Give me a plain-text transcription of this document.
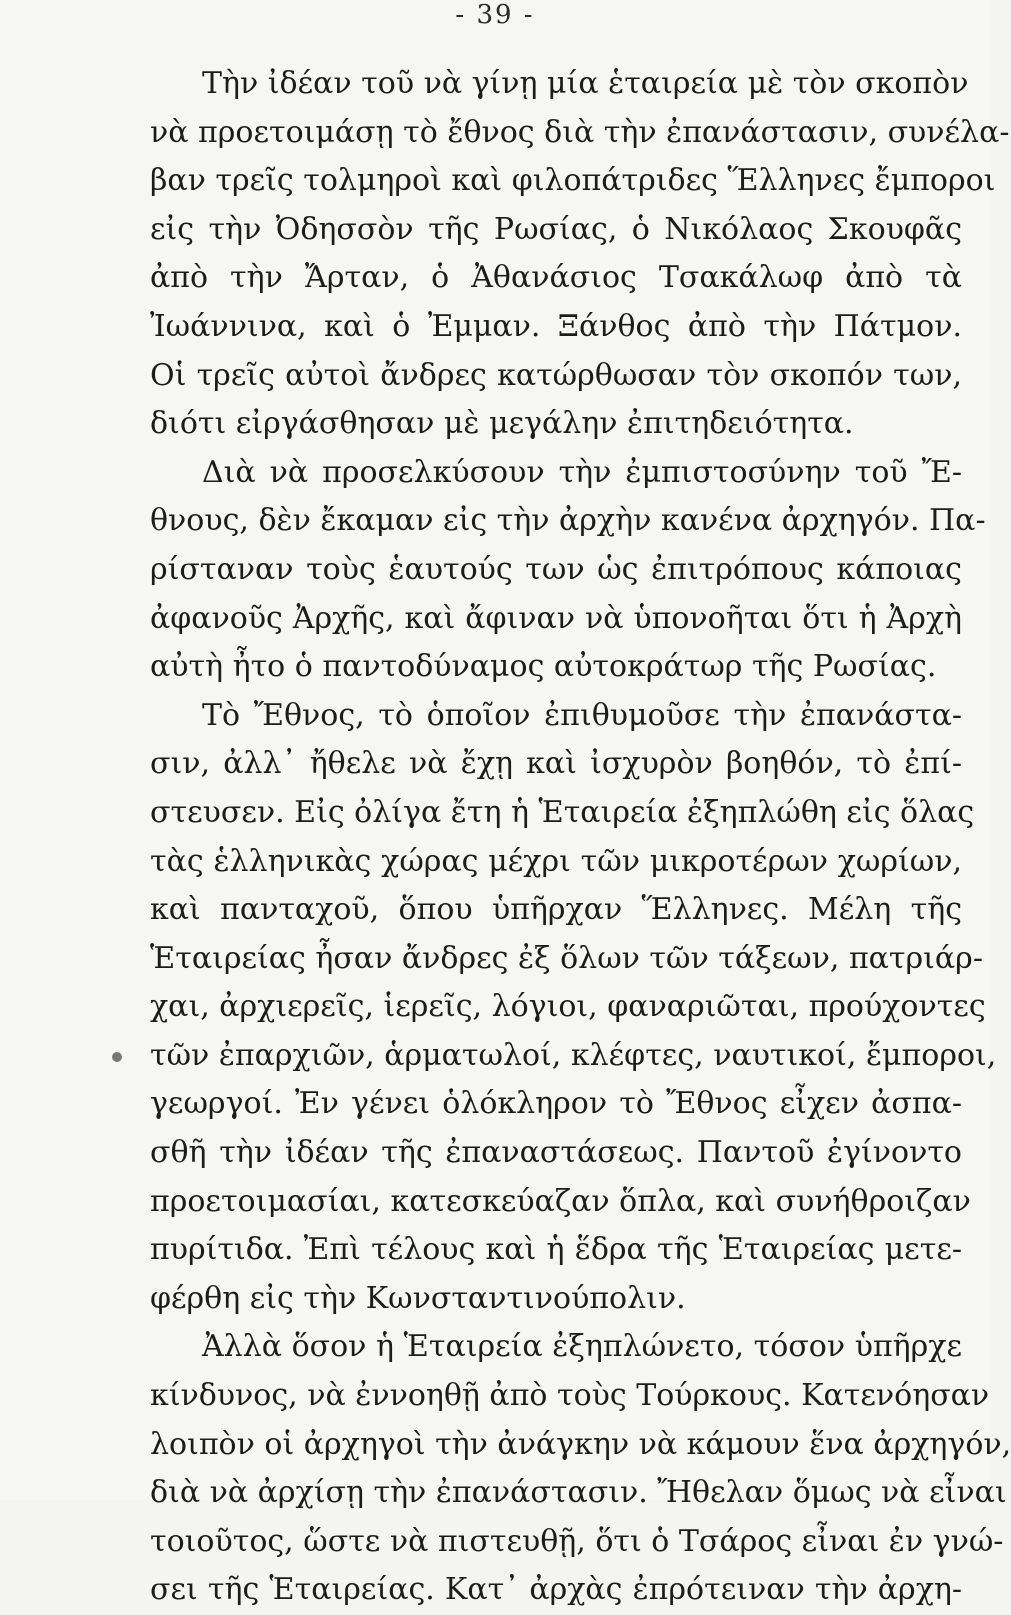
- 39 -
Τὴν ἰδέαν τοῦ νὰ γίνῃ μία ἑταιρεία μὲ τὸν σκοπὸν
νὰ προετοιμάσῃ τὸ ἔθνος διὰ τὴν ἐπανάστασιν, συνέλα-
βαν τρεῖς τολμηροὶ καὶ φιλοπάτριδες Ἕλληνες ἔμποροι
εἰς τὴν Ὀδησσὸν τῆς Ρωσίας, ὁ Νικόλαος Σκουφᾶς
ἀπὸ τὴν Ἄρταν, ὁ Ἀθανάσιος Τσακάλωφ ἀπὸ τὰ
Ἰωάννινα, καὶ ὁ Ἐμμαν. Ξάνθος ἀπὸ τὴν Πάτμον.
Οἱ τρεῖς αὐτοὶ ἄνδρες κατώρθωσαν τὸν σκοπόν των,
διότι εἰργάσθησαν μὲ μεγάλην ἐπιτηδειότητα.
Διὰ νὰ προσελκύσουν τὴν ἐμπιστοσύνην τοῦ Ἔ-
θνους, δὲν ἔκαμαν εἰς τὴν ἀρχὴν κανένα ἀρχηγόν. Πα-
ρίσταναν τοὺς ἑαυτούς των ὡς ἐπιτρόπους κάποιας
ἀφανοῦς Ἀρχῆς, καὶ ἄφιναν νὰ ὑπονοῆται ὅτι ἡ Ἀρχὴ
αὐτὴ ἦτο ὁ παντοδύναμος αὐτοκράτωρ τῆς Ρωσίας.
Τὸ Ἔθνος, τὸ ὁποῖον ἐπιθυμοῦσε τὴν ἐπανάστα-
σιν, ἀλλ᾽ ἤθελε νὰ ἔχῃ καὶ ἰσχυρὸν βοηθόν, τὸ ἐπί-
στευσεν. Εἰς ὀλίγα ἔτη ἡ Ἑταιρεία ἐξηπλώθη εἰς ὅλας
τὰς ἑλληνικὰς χώρας μέχρι τῶν μικροτέρων χωρίων,
καὶ πανταχοῦ, ὅπου ὑπῆρχαν Ἕλληνες. Μέλη τῆς
Ἑταιρείας ἦσαν ἄνδρες ἐξ ὅλων τῶν τάξεων, πατριάρ-
χαι, ἀρχιερεῖς, ἱερεῖς, λόγιοι, φαναριῶται, προύχοντες
τῶν ἐπαρχιῶν, ἁρματωλοί, κλέφτες, ναυτικοί, ἔμποροι,
γεωργοί. Ἐν γένει ὁλόκληρον τὸ Ἔθνος εἶχεν ἀσπα-
σθῆ τὴν ἰδέαν τῆς ἐπαναστάσεως. Παντοῦ ἐγίνοντο
προετοιμασίαι, κατεσκεύαζαν ὅπλα, καὶ συνήθροιζαν
πυρίτιδα. Ἐπὶ τέλους καὶ ἡ ἕδρα τῆς Ἑταιρείας μετε-
φέρθη εἰς τὴν Κωνσταντινούπολιν.
Ἀλλὰ ὅσον ἡ Ἑταιρεία ἐξηπλώνετο, τόσον ὑπῆρχε
κίνδυνος, νὰ ἐννοηθῇ ἀπὸ τοὺς Τούρκους. Κατενόησαν
λοιπὸν οἱ ἀρχηγοὶ τὴν ἀνάγκην νὰ κάμουν ἕνα ἀρχηγόν,
διὰ νὰ ἀρχίσῃ τὴν ἐπανάστασιν. Ἤθελαν ὅμως νὰ εἶναι
τοιοῦτος, ὥστε νὰ πιστευθῇ, ὅτι ὁ Τσάρος εἶναι ἐν γνώ-
σει τῆς Ἑταιρείας. Κατ᾽ ἀρχὰς ἐπρότειναν τὴν ἀρχη-
